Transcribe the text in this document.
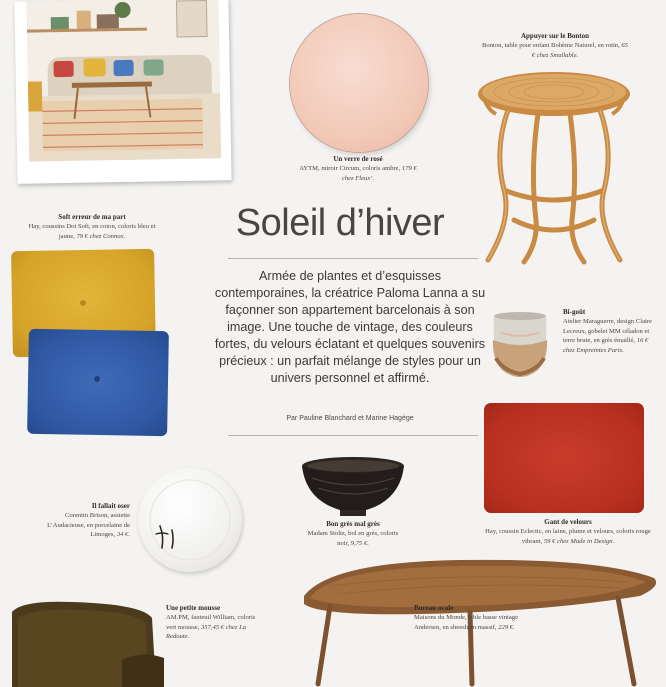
Un verre de rosé
AYTM, miroir Circum, coloris ambre, 179 € chez Fleux’.
Appuyer sur le Bonton
Bonton, table pour enfant Bohème Naturel, en rotin, 65 € chez Smallable.
Soleil d’hiver
Armée de plantes et d’esquisses contemporaines, la créatrice Paloma Lanna a su façonner son appartement barcelonais à son image. Une touche de vintage, des couleurs fortes, du velours éclatant et quelques souvenirs précieux : un parfait mélange de styles pour un univers personnel et affirmé.
Par Pauline Blanchard et Marine Hagège
Soft erreur de ma part
Hay, coussins Dot Soft, en coton, coloris bleu et jaune, 79 € chez Connox.
Bi-goût
Atelier Maraguerre, design Claire Lecreux, gobelet MM céladon et terre brute, en grès émaillé, 16 € chez Empreintes Paris.
Gant de velours
Hay, coussin Eclectic, en laine, plume et velours, coloris rouge vibrant, 59 € chez Made in Design.
Il fallait oser
Corentin Brison, assiette L’Audacieuse, en porcelaine de Limoges, 34 €.
Bon grès mal grès
Madam Stoltz, bol en grès, coloris noir, 9,75 €.
Bureau ovale
Maisons du Monde, table basse vintage Andersen, en sheesham massif, 229 €.
Une petite mousse
AM.PM, fauteuil William, coloris vert mousse, 357,45 € chez La Redoute.
